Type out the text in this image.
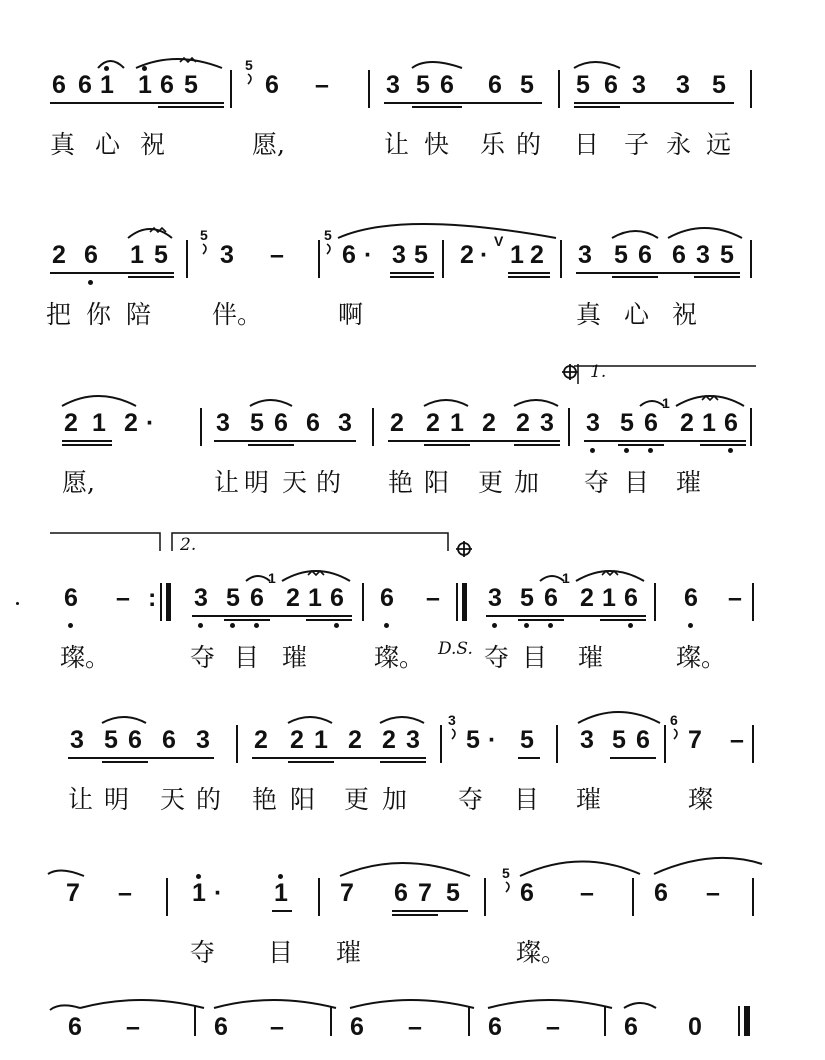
6 6 1 1 6 5
5
6 – 3 5 6 6 5 5 6 3 3 5
真 心 祝	愿,	让 快 乐 的 日 子 永 远
2 6 1 5
5
3 –
5
6 · 3 5 2 · V 1 2 3 5 6 6 3 5
把 你 陪 伴。	啊	真 心 祝
2 1 2 · 3 5 6 6 3 2 2 1 2 2 3 3 5 6
1
2 1 6
1.
愿,	让 明 天 的 艳 阳 更 加 夺 目 璀
6 – : 3 5 6
1
2 1 6 6 – 3 5 6
1
2 1 6 6 –
2.
璨。	夺 目 璀	璨。 夺 目 璀	璨。
D.S.
3 5 6 6 3 2 2 1 2 2 3
3
5 · 5 3 5 6
6
7 –
让 明 天 的 艳 阳 更 加 夺 目 璀	璨
7 – 1 · 1 7 6 7 5
5
6 – 6 –
夺 目 璀	璨。
6 –	6 –	6 –	6 –	6 0
